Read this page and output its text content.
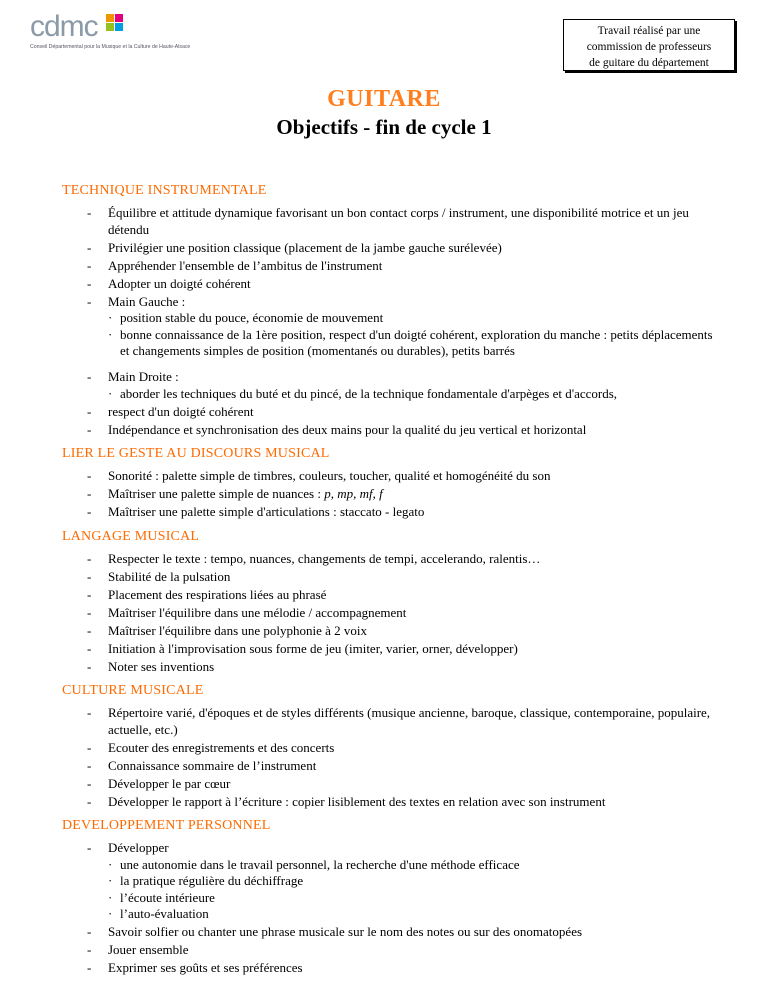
cdmc
Conseil Départemental pour la Musique et la Culture de Haute-Alsace
Travail réalisé par une
commission de professeurs
de guitare du département
GUITARE
Objectifs - fin de cycle 1
TECHNIQUE INSTRUMENTALE
- Équilibre et attitude dynamique favorisant un bon contact corps / instrument, une disponibilité motrice et un jeu détendu
- Privilégier une position classique (placement de la jambe gauche surélevée)
- Appréhender l'ensemble de l’ambitus de l'instrument
- Adopter un doigté cohérent
- Main Gauche :
· position stable du pouce, économie de mouvement
· bonne connaissance de la 1ère position, respect d'un doigté cohérent, exploration du manche : petits déplacements et changements simples de position (momentanés ou durables), petits barrés
- Main Droite :
· aborder les techniques du buté et du pincé, de la technique fondamentale d'arpèges et d'accords,
- respect d'un doigté cohérent
- Indépendance et synchronisation des deux mains pour la qualité du jeu vertical et horizontal
LIER LE GESTE AU DISCOURS MUSICAL
- Sonorité : palette simple de timbres, couleurs, toucher, qualité et homogénéité du son
- Maîtriser une palette simple de nuances : p, mp, mf, f
- Maîtriser une palette simple d'articulations : staccato - legato
LANGAGE MUSICAL
- Respecter le texte : tempo, nuances, changements de tempi, accelerando, ralentis…
- Stabilité de la pulsation
- Placement des respirations liées au phrasé
- Maîtriser l'équilibre dans une mélodie / accompagnement
- Maîtriser l'équilibre dans une polyphonie à 2 voix
- Initiation à l'improvisation sous forme de jeu (imiter, varier, orner, développer)
- Noter ses inventions
CULTURE MUSICALE
- Répertoire varié, d'époques et de styles différents (musique ancienne, baroque, classique, contemporaine, populaire, actuelle, etc.)
- Ecouter des enregistrements et des concerts
- Connaissance sommaire de l’instrument
- Développer le par cœur
- Développer le rapport à l’écriture : copier lisiblement des textes en relation avec son instrument
DEVELOPPEMENT PERSONNEL
- Développer
· une autonomie dans le travail personnel, la recherche d'une méthode efficace
· la pratique régulière du déchiffrage
· l’écoute intérieure
· l’auto-évaluation
- Savoir solfier ou chanter une phrase musicale sur le nom des notes ou sur des onomatopées
- Jouer ensemble
- Exprimer ses goûts et ses préférences
